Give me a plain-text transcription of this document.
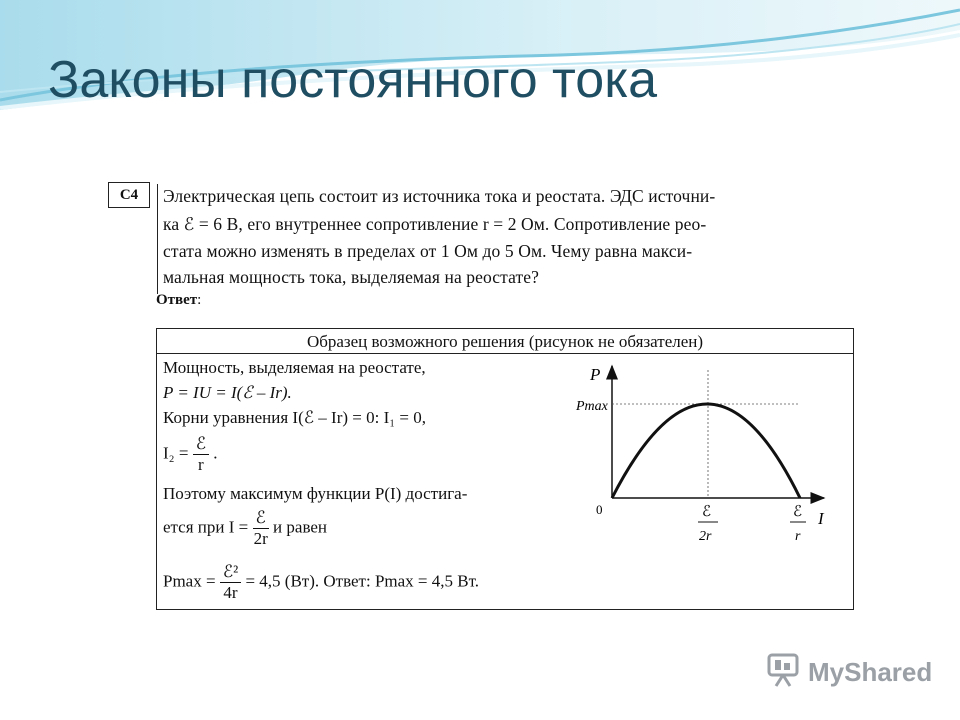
Законы постоянного тока
C4	Электрическая цепь состоит из источника тока и реостата. ЭДС источни-
ка ℰ = 6 В, его внутреннее сопротивление r = 2 Ом. Сопротивление рео-
стата можно изменять в пределах от 1 Ом до 5 Ом. Чему равна макси-
мальная мощность тока, выделяемая на реостате?
Ответ:
Образец возможного решения (рисунок не обязателен)
Мощность, выделяемая на реостате,
P = IU = I(ℰ – Ir).
Корни уравнения I(ℰ – Ir) = 0: I₁ = 0,
$I_2 = \frac{\text{ℰ}}{r}$ .
Поэтому максимум функции P(I) достига-
ется при $I = \frac{\text{ℰ}}{2r}$ и равен
$Pmax = \frac{\text{ℰ²}}{4r} = 4,5$ (Вт). Ответ: Pmax = 4,5 Вт.
P
Pmax
0	ℰ
2r
ℰ
r
I
MyShared
